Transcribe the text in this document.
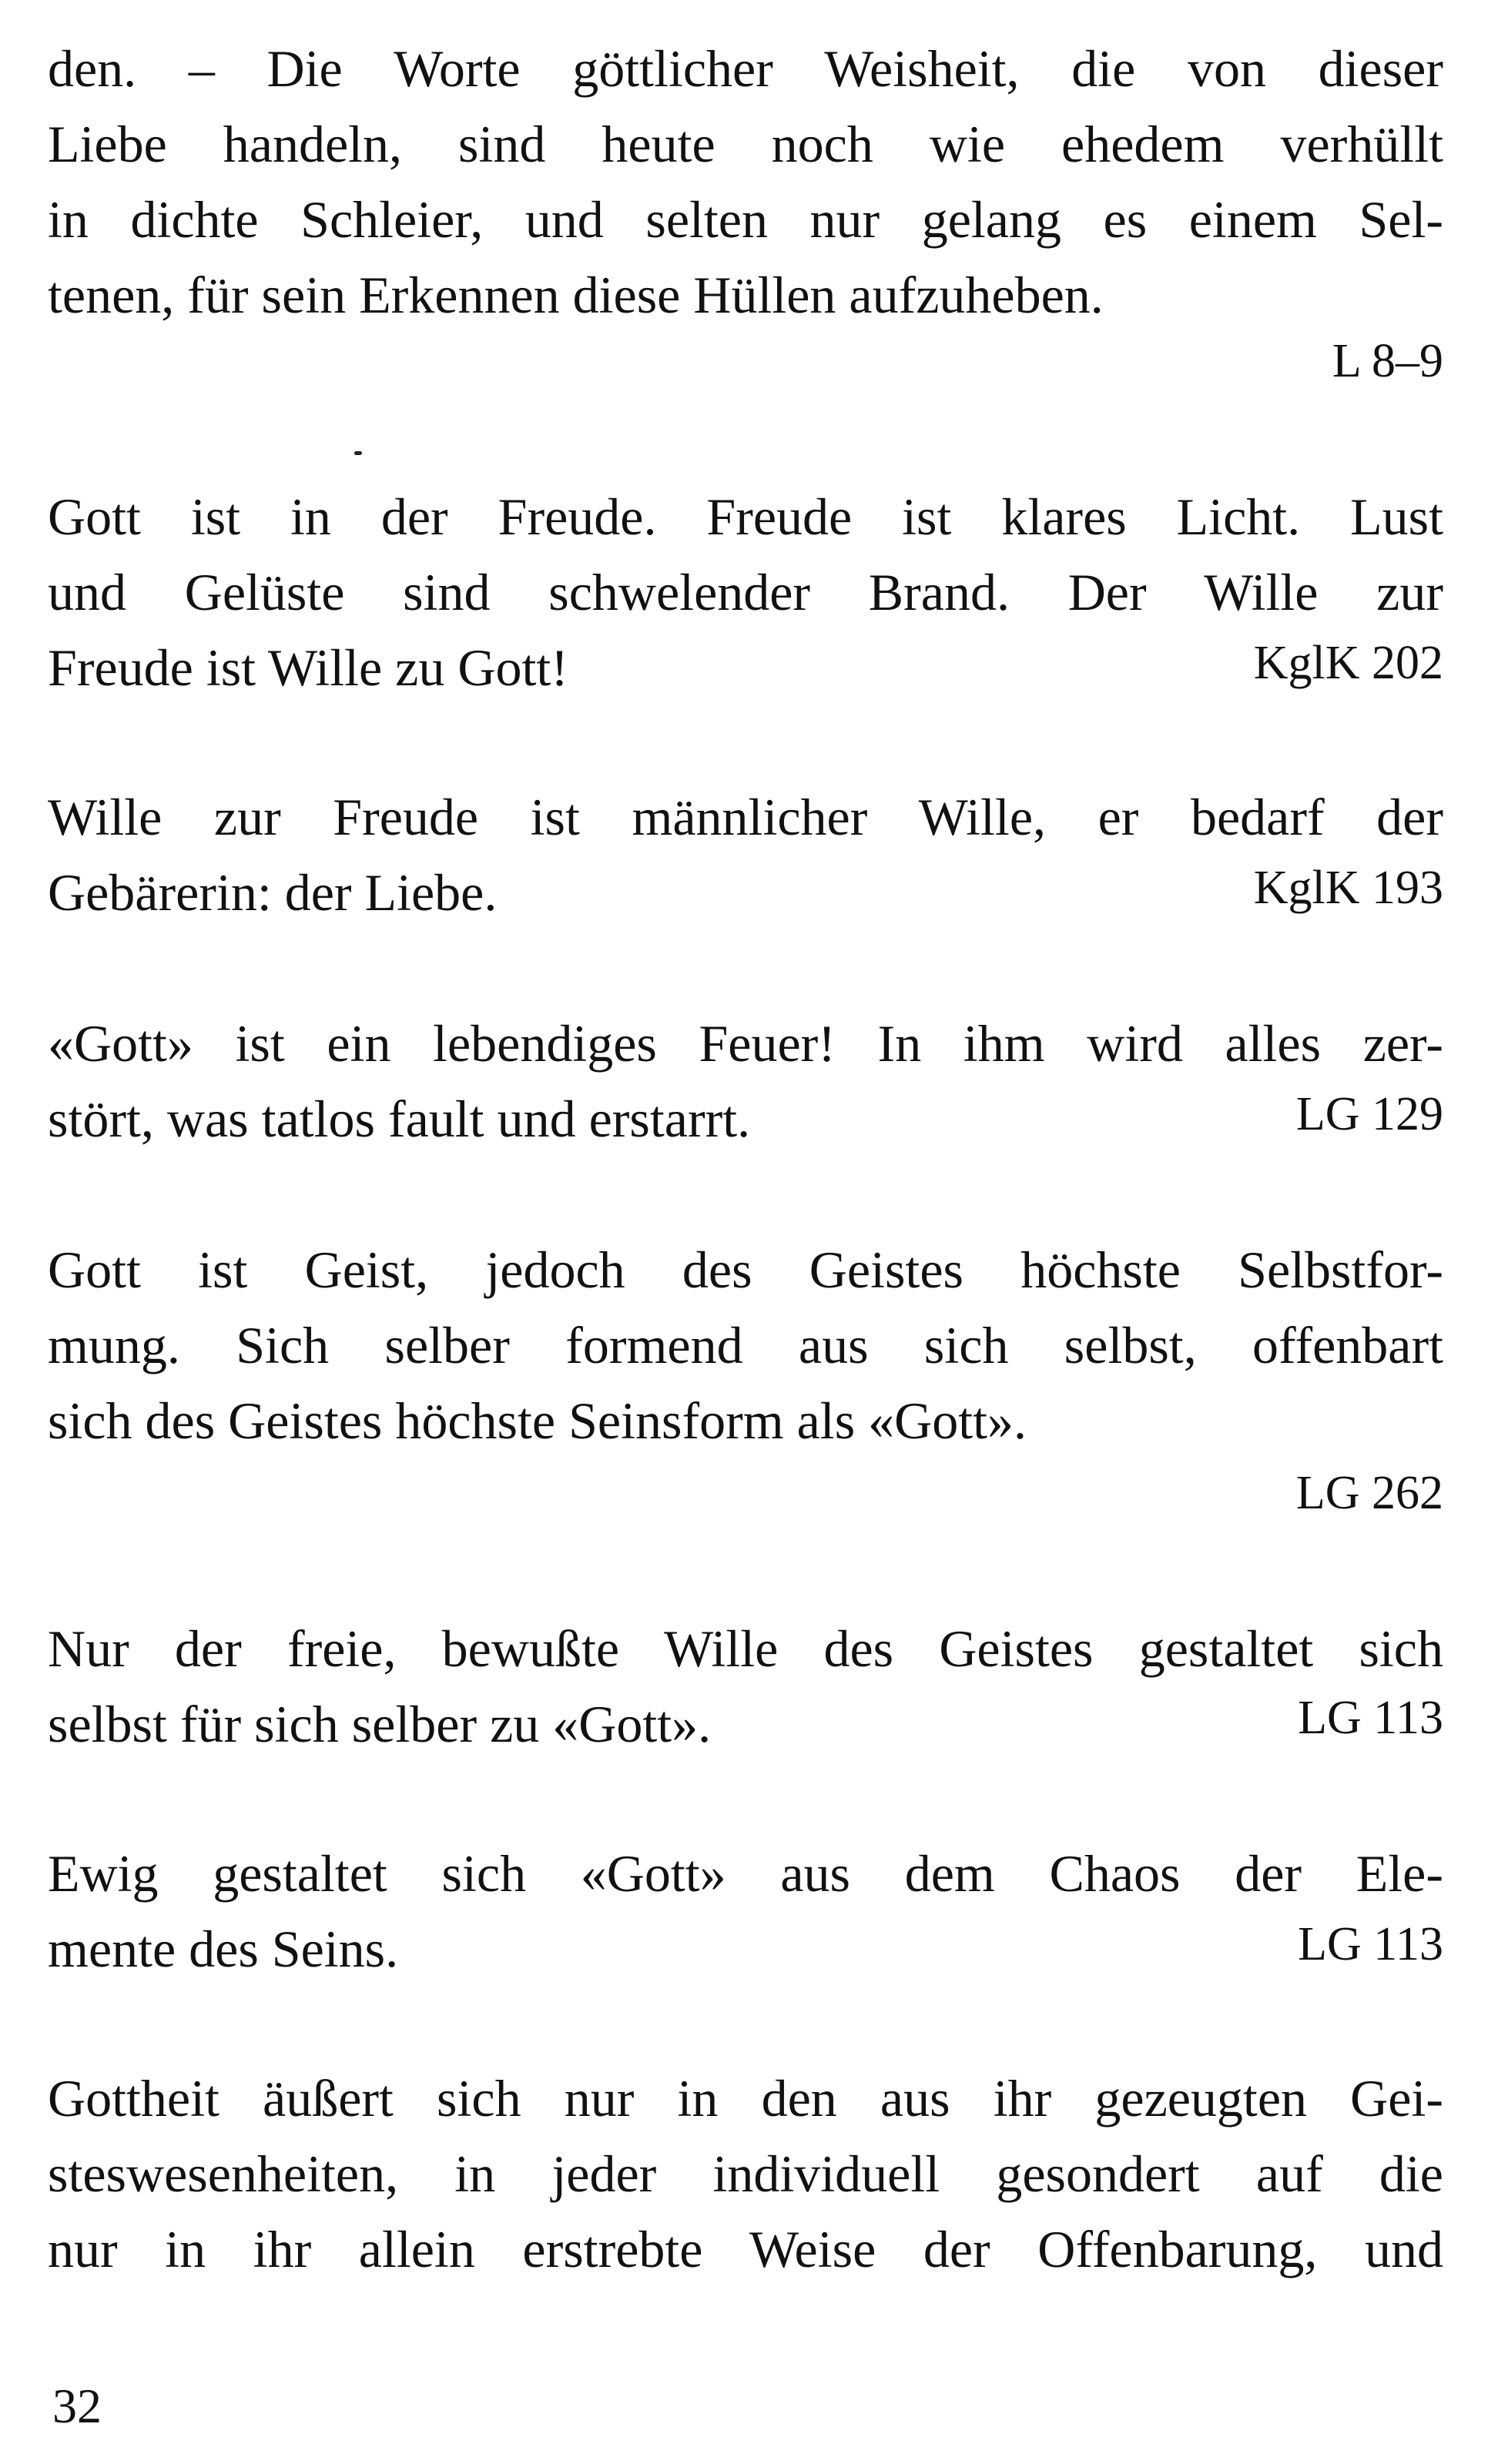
den. – Die Worte göttlicher Weisheit, die von dieser
Liebe handeln, sind heute noch wie ehedem verhüllt
in dichte Schleier, und selten nur gelang es einem Sel-
tenen, für sein Erkennen diese Hüllen aufzuheben.
L 8–9
Gott ist in der Freude. Freude ist klares Licht. Lust
und Gelüste sind schwelender Brand. Der Wille zur
Freude ist Wille zu Gott!	KglK 202
Wille zur Freude ist männlicher Wille, er bedarf der
Gebärerin: der Liebe.	KglK 193
«Gott» ist ein lebendiges Feuer! In ihm wird alles zer-
stört, was tatlos fault und erstarrt.	LG 129
Gott ist Geist, jedoch des Geistes höchste Selbstfor-
mung. Sich selber formend aus sich selbst, offenbart
sich des Geistes höchste Seinsform als «Gott».
LG 262
Nur der freie, bewußte Wille des Geistes gestaltet sich
selbst für sich selber zu «Gott».	LG 113
Ewig gestaltet sich «Gott» aus dem Chaos der Ele-
mente des Seins.	LG 113
Gottheit äußert sich nur in den aus ihr gezeugten Gei-
steswesenheiten, in jeder individuell gesondert auf die
nur in ihr allein erstrebte Weise der Offenbarung, und
32
